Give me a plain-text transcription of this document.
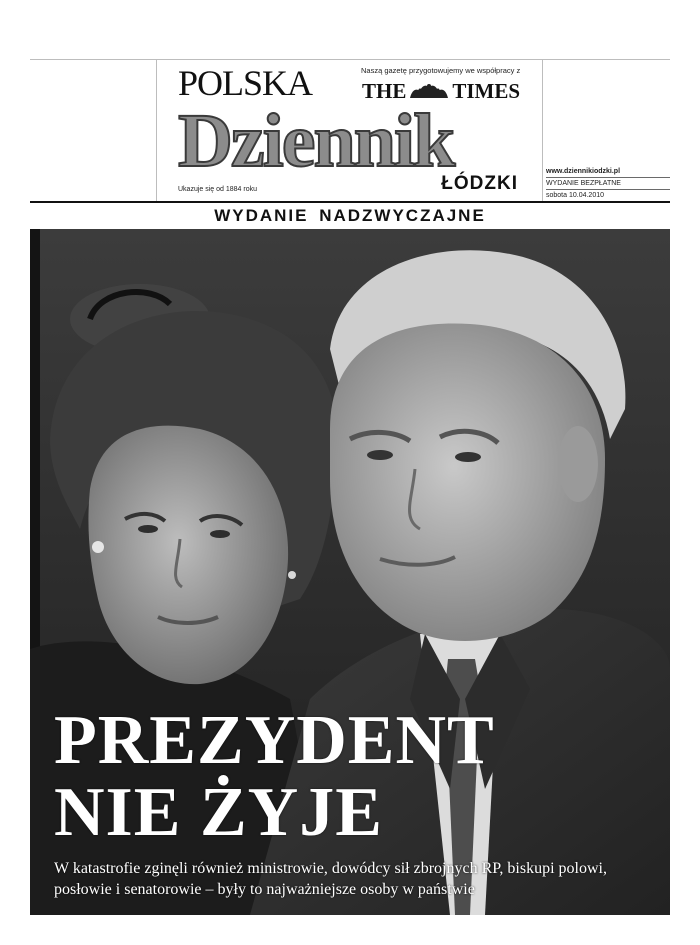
POLSKA	Naszą gazetę przygotowujemy we współpracy z
THE TIMES
Dziennik
ŁÓDZKI
Ukazuje się od 1884 roku
www.dziennikiodzki.pl
WYDANIE BEZPŁATNE
sobota 10.04.2010
WYDANIE NADZWYCZAJNE
PREZYDENT
NIE ŻYJE

W katastrofie zginęli również ministrowie, dowódcy sił zbrojnych RP, biskupi polowi, posłowie i senatorowie – były to najważniejsze osoby w państwie
